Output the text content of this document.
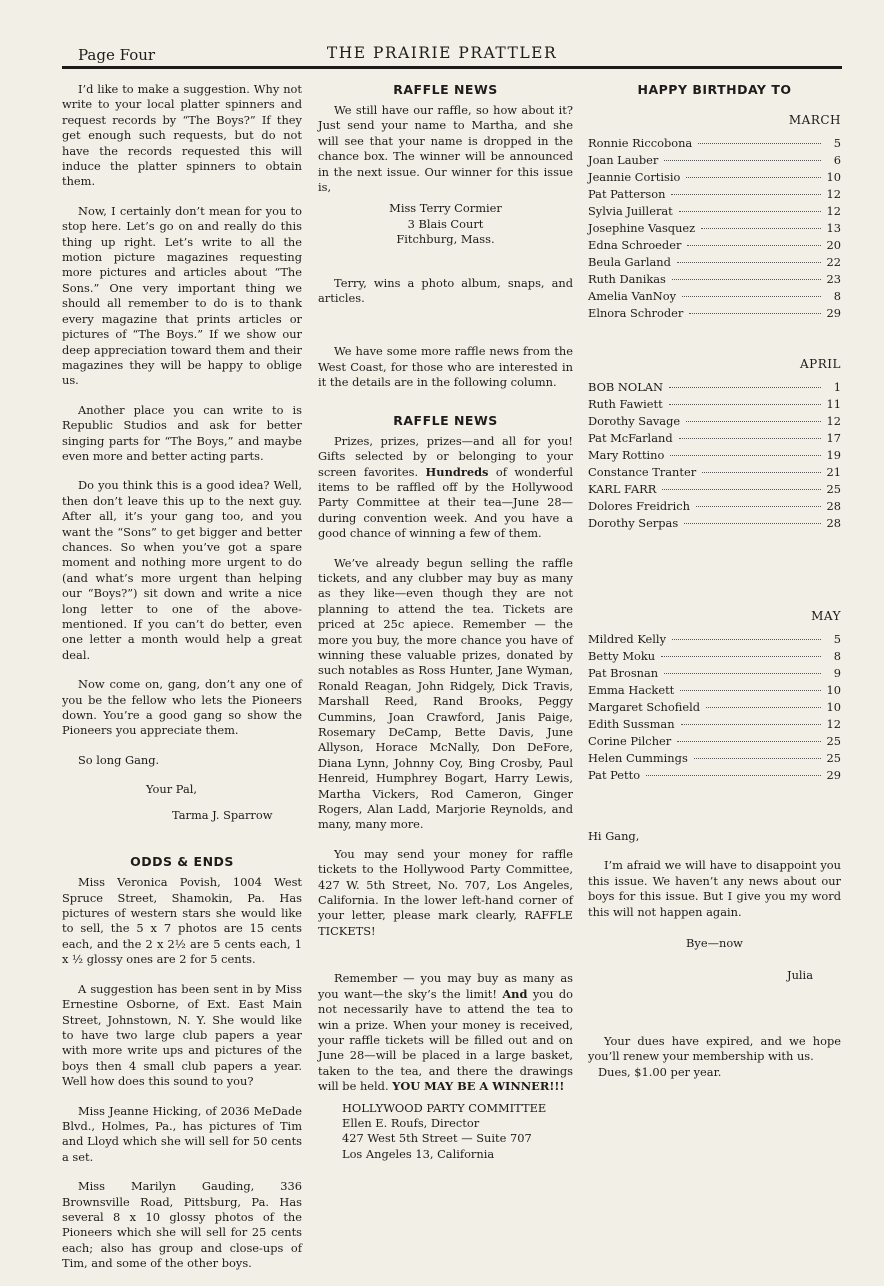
Page Four	THE PRAIRIE PRATTLER

I’d like to make a suggestion. Why not write to your local platter spinners and request records by “The Boys?” If they get enough such requests, but do not have the records requested this will induce the platter spinners to obtain them.

Now, I certainly don’t mean for you to stop here. Let’s go on and really do this thing up right. Let’s write to all the motion picture magazines requesting more pictures and articles about “The Sons.” One very important thing we should all remember to do is to thank every magazine that prints articles or pictures of “The Boys.” If we show our deep appreciation toward them and their magazines they will be happy to oblige us.

Another place you can write to is Republic Studios and ask for better singing parts for “The Boys,” and maybe even more and better acting parts.

Do you think this is a good idea? Well, then don’t leave this up to the next guy. After all, it’s your gang too, and you want the “Sons” to get bigger and better chances. So when you’ve got a spare moment and nothing more urgent to do (and what’s more urgent than helping our “Boys?”) sit down and write a nice long letter to one of the above-mentioned. If you can’t do better, even one letter a month would help a great deal.

Now come on, gang, don’t any one of you be the fellow who lets the Pioneers down. You’re a good gang so show the Pioneers you appreciate them.

So long Gang.

Your Pal,
Tarma J. Sparrow
ODDS & ENDS

Miss Veronica Povish, 1004 West Spruce Street, Shamokin, Pa. Has pictures of western stars she would like to sell, the 5 x 7 photos are 15 cents each, and the 2 x 2½ are 5 cents each, 1 x ½ glossy ones are 2 for 5 cents.

A suggestion has been sent in by Miss Ernestine Osborne, of Ext. East Main Street, Johnstown, N. Y. She would like to have two large club papers a year with more write ups and pictures of the boys then 4 small club papers a year. Well how does this sound to you?

Miss Jeanne Hicking, of 2036 MeDade Blvd., Holmes, Pa., has pictures of Tim and Lloyd which she will sell for 50 cents a set.

Miss Marilyn Gauding, 336 Brownsville Road, Pittsburg, Pa. Has several 8 x 10 glossy photos of the Pioneers which she will sell for 25 cents each; also has group and close-ups of Tim, and some of the other boys.

RAFFLE NEWS

We still have our raffle, so how about it? Just send your name to Martha, and she will see that your name is dropped in the chance box. The winner will be announced in the next issue. Our winner for this issue is,

Miss Terry Cormier
3 Blais Court
Fitchburg, Mass.

Terry, wins a photo album, snaps, and articles.

We have some more raffle news from the West Coast, for those who are interested in it the details are in the following column.

RAFFLE NEWS

Prizes, prizes, prizes—and all for you! Gifts selected by or belonging to your screen favorites. Hundreds of wonderful items to be raffled off by the Hollywood Party Committee at their tea—June 28—during convention week. And you have a good chance of winning a few of them.

We’ve already begun selling the raffle tickets, and any clubber may buy as many as they like—even though they are not planning to attend the tea. Tickets are priced at 25c apiece. Remember — the more you buy, the more chance you have of winning these valuable prizes, donated by such notables as Ross Hunter, Jane Wyman, Ronald Reagan, John Ridgely, Dick Travis, Marshall Reed, Rand Brooks, Peggy Cummins, Joan Crawford, Janis Paige, Rosemary DeCamp, Bette Davis, June Allyson, Horace McNally, Don DeFore, Diana Lynn, Johnny Coy, Bing Crosby, Paul Henreid, Humphrey Bogart, Harry Lewis, Martha Vickers, Rod Cameron, Ginger Rogers, Alan Ladd, Marjorie Reynolds, and many, many more.

You may send your money for raffle tickets to the Hollywood Party Committee, 427 W. 5th Street, No. 707, Los Angeles, California. In the lower left-hand corner of your letter, please mark clearly, RAFFLE TICKETS!

Remember — you may buy as many as you want—the sky’s the limit! And you do not necessarily have to attend the tea to win a prize. When your money is received, your raffle tickets will be filled out and on June 28—will be placed in a large basket, taken to the tea, and there the drawings will be held. YOU MAY BE A WINNER!!!

HOLLYWOOD PARTY COMMITTEE
Ellen E. Roufs, Director
427 West 5th Street — Suite 707
Los Angeles 13, California
HAPPY BIRTHDAY TO
MARCH
Ronnie Riccobona	5
Joan Lauber	6
Jeannie Cortisio	10
Pat Patterson	12
Sylvia Juillerat	12
Josephine Vasquez	13
Edna Schroeder	20
Beula Garland	22
Ruth Danikas	23
Amelia VanNoy	8
Elnora Schroder	29
APRIL
BOB NOLAN	1
Ruth Fawiett	11
Dorothy Savage	12
Pat McFarland	17
Mary Rottino	19
Constance Tranter	21
KARL FARR	25
Dolores Freidrich	28
Dorothy Serpas	28
MAY
Mildred Kelly	5
Betty Moku	8
Pat Brosnan	9
Emma Hackett	10
Margaret Schofield	10
Edith Sussman	12
Corine Pilcher	25
Helen Cummings	25
Pat Petto	29

Hi Gang,

I’m afraid we will have to disappoint you this issue. We haven’t any news about our boys for this issue. But I give you my word this will not happen again.

Bye—now
Julia

Your dues have expired, and we hope you’ll renew your membership with us.
Dues, $1.00 per year.
